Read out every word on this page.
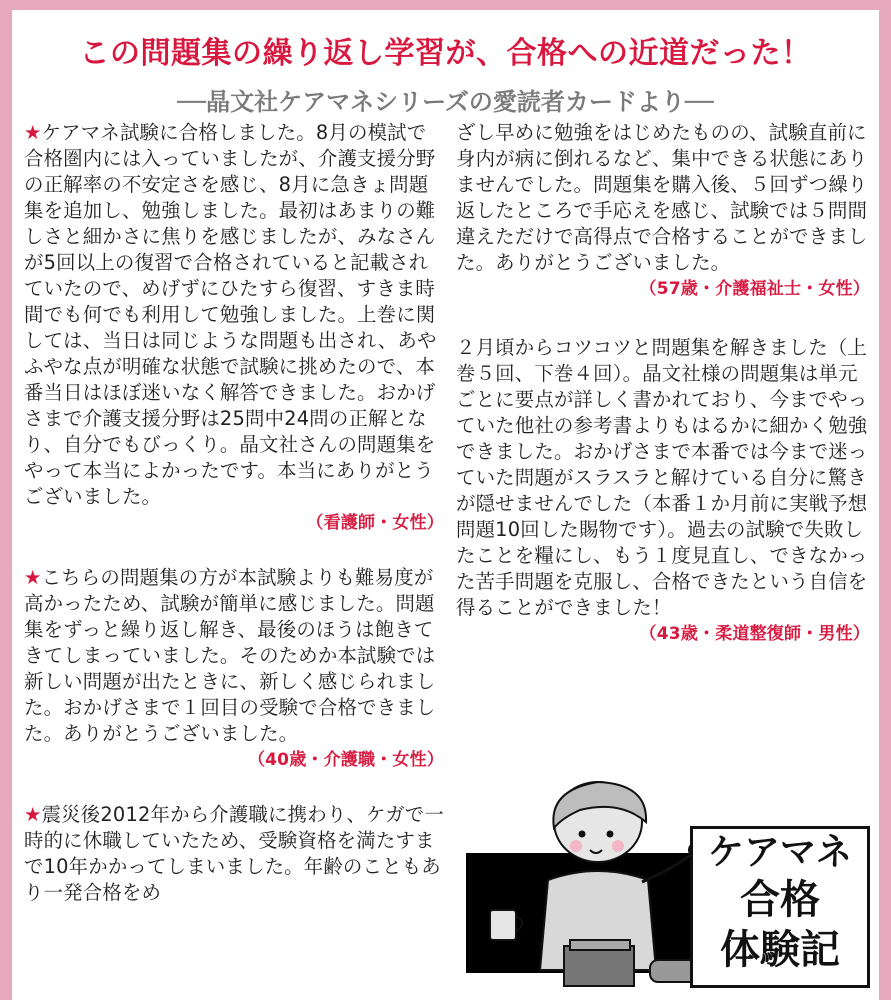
この問題集の繰り返し学習が、合格への近道だった！
──晶文社ケアマネシリーズの愛読者カードより──

★ケアマネ試験に合格しました。8月の模試で合格圏内には入っていましたが、介護支援分野の正解率の不安定さを感じ、8月に急きょ問題集を追加し、勉強しました。最初はあまりの難しさと細かさに焦りを感じましたが、みなさんが5回以上の復習で合格されていると記載されていたので、めげずにひたすら復習、すきま時間でも何でも利用して勉強しました。上巻に関しては、当日は同じような問題も出され、あやふやな点が明確な状態で試験に挑めたので、本番当日はほぼ迷いなく解答できました。おかげさまで介護支援分野は25問中24問の正解となり、自分でもびっくり。晶文社さんの問題集をやって本当によかったです。本当にありがとうございました。

（看護師・女性）

★こちらの問題集の方が本試験よりも難易度が高かったため、試験が簡単に感じました。問題集をずっと繰り返し解き、最後のほうは飽きてきてしまっていました。そのためか本試験では新しい問題が出たときに、新しく感じられました。おかげさまで１回目の受験で合格できました。ありがとうございました。

（40歳・介護職・女性）

★震災後2012年から介護職に携わり、ケガで一時的に休職していたため、受験資格を満たすまで10年かかってしまいました。年齢のこともあり一発合格をめ

ざし早めに勉強をはじめたものの、試験直前に身内が病に倒れるなど、集中できる状態にありませんでした。問題集を購入後、５回ずつ繰り返したところで手応えを感じ、試験では５問間違えただけで高得点で合格することができました。ありがとうございました。

（57歳・介護福祉士・女性）

２月頃からコツコツと問題集を解きました（上巻５回、下巻４回）。晶文社様の問題集は単元ごとに要点が詳しく書かれており、今までやっていた他社の参考書よりもはるかに細かく勉強できました。おかげさまで本番では今まで迷っていた問題がスラスラと解けている自分に驚きが隠せませんでした（本番１か月前に実戦予想問題10回した賜物です）。過去の試験で失敗したことを糧にし、もう１度見直し、できなかった苦手問題を克服し、合格できたという自信を得ることができました！

（43歳・柔道整復師・男性）
ケアマネ
合格
体験記
